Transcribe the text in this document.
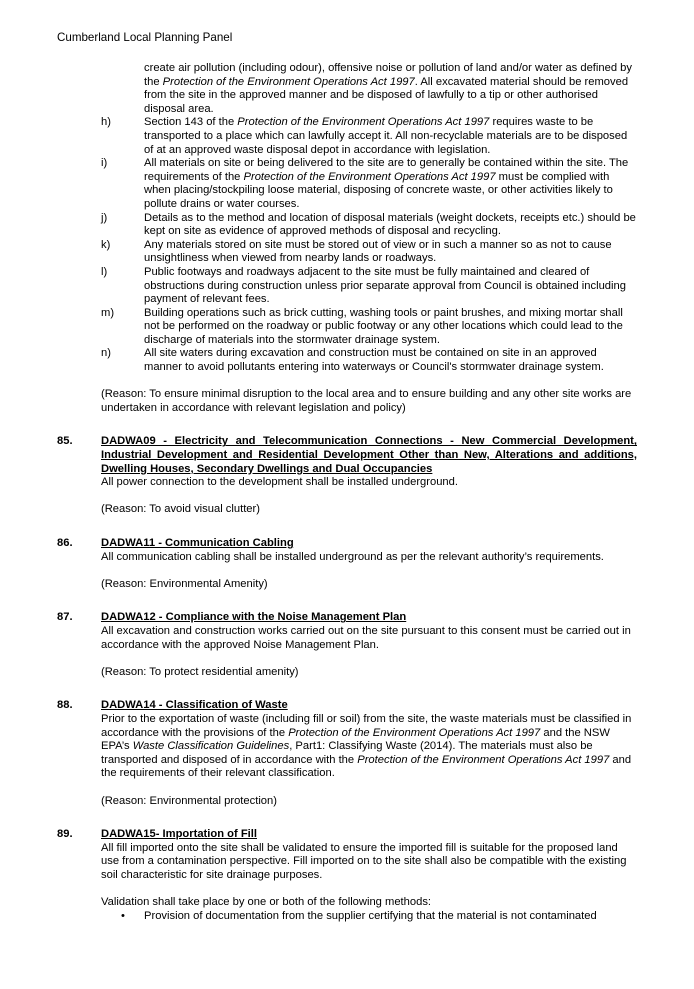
Cumberland Local Planning Panel
create air pollution (including odour), offensive noise or pollution of land and/or water as defined by the Protection of the Environment Operations Act 1997. All excavated material should be removed from the site in the approved manner and be disposed of lawfully to a tip or other authorised disposal area.
h)	Section 143 of the Protection of the Environment Operations Act 1997 requires waste to be transported to a place which can lawfully accept it. All non-recyclable materials are to be disposed of at an approved waste disposal depot in accordance with legislation.
i)	All materials on site or being delivered to the site are to generally be contained within the site. The requirements of the Protection of the Environment Operations Act 1997 must be complied with when placing/stockpiling loose material, disposing of concrete waste, or other activities likely to pollute drains or water courses.
j)	Details as to the method and location of disposal materials (weight dockets, receipts etc.) should be kept on site as evidence of approved methods of disposal and recycling.
k)	Any materials stored on site must be stored out of view or in such a manner so as not to cause unsightliness when viewed from nearby lands or roadways.
l)	Public footways and roadways adjacent to the site must be fully maintained and cleared of obstructions during construction unless prior separate approval from Council is obtained including payment of relevant fees.
m)	Building operations such as brick cutting, washing tools or paint brushes, and mixing mortar shall not be performed on the roadway or public footway or any other locations which could lead to the discharge of materials into the stormwater drainage system.
n)	All site waters during excavation and construction must be contained on site in an approved manner to avoid pollutants entering into waterways or Council's stormwater drainage system.
(Reason: To ensure minimal disruption to the local area and to ensure building and any other site works are undertaken in accordance with relevant legislation and policy)
85.	DADWA09 - Electricity and Telecommunication Connections - New Commercial Development, Industrial Development and Residential Development Other than New, Alterations and additions, Dwelling Houses, Secondary Dwellings and Dual Occupancies
All power connection to the development shall be installed underground.
(Reason: To avoid visual clutter)
86.	DADWA11 - Communication Cabling
All communication cabling shall be installed underground as per the relevant authority’s requirements.
(Reason: Environmental Amenity)
87.	DADWA12 - Compliance with the Noise Management Plan
All excavation and construction works carried out on the site pursuant to this consent must be carried out in accordance with the approved Noise Management Plan.
(Reason: To protect residential amenity)
88.	DADWA14 - Classification of Waste
Prior to the exportation of waste (including fill or soil) from the site, the waste materials must be classified in accordance with the provisions of the Protection of the Environment Operations Act 1997 and the NSW EPA’s Waste Classification Guidelines, Part1: Classifying Waste (2014). The materials must also be transported and disposed of in accordance with the Protection of the Environment Operations Act 1997 and the requirements of their relevant classification.
(Reason: Environmental protection)
89.	DADWA15- Importation of Fill
All fill imported onto the site shall be validated to ensure the imported fill is suitable for the proposed land use from a contamination perspective. Fill imported on to the site shall also be compatible with the existing soil characteristic for site drainage purposes.
Validation shall take place by one or both of the following methods:
• Provision of documentation from the supplier certifying that the material is not contaminated
